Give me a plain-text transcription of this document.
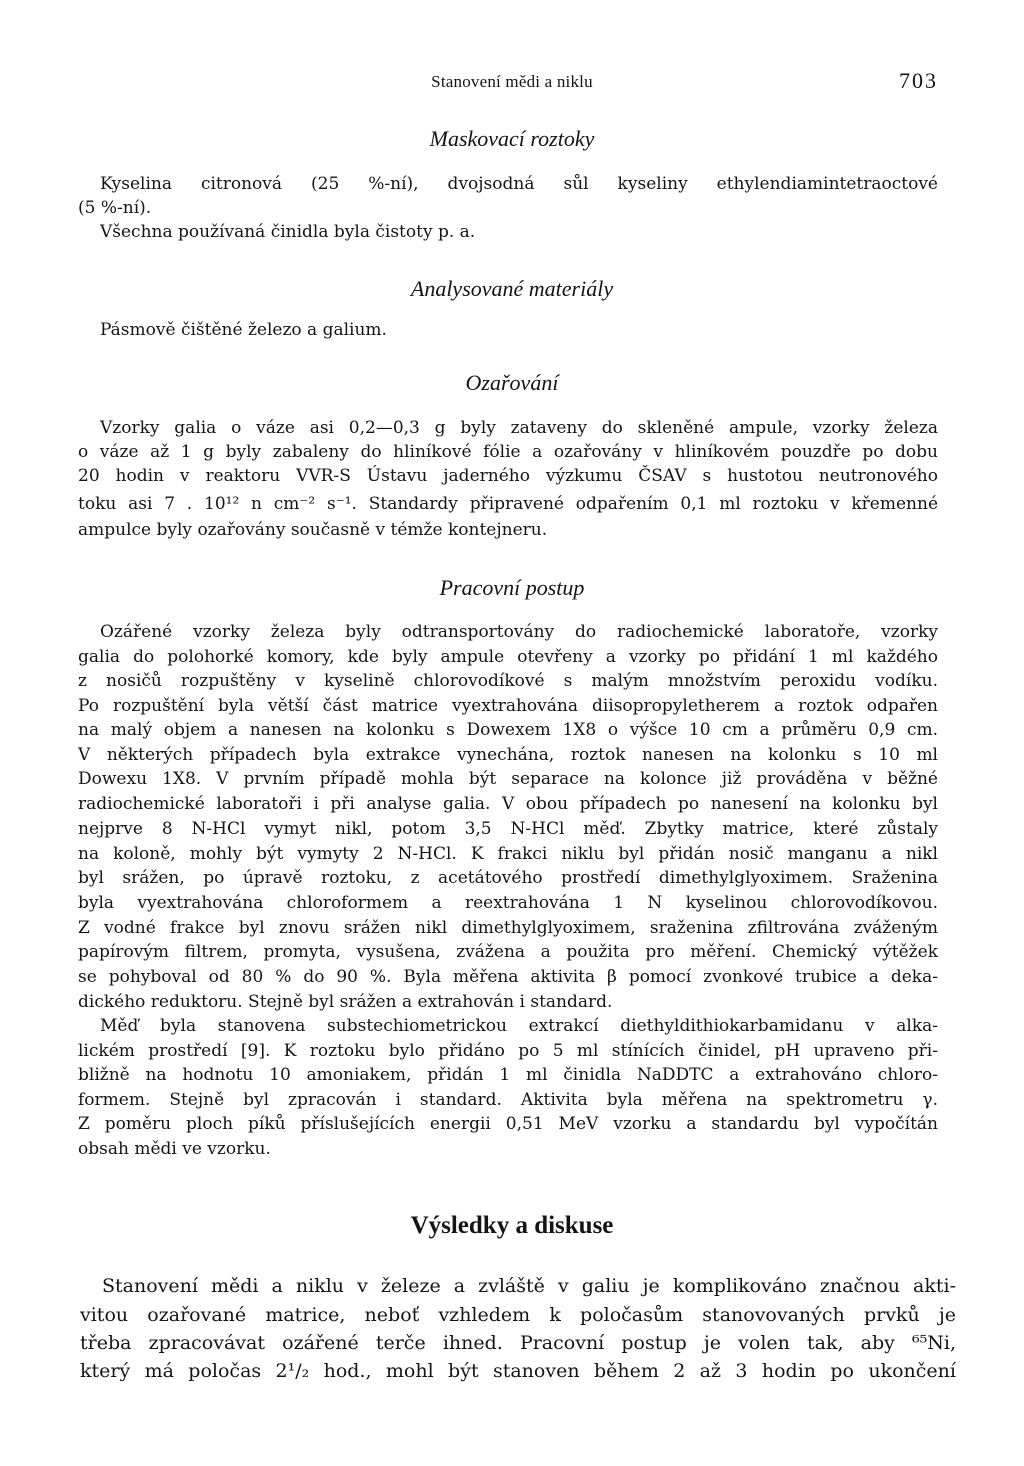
Stanovení mědi a niklu	703
Maskovací roztoky
Kyselina citronová (25 %-ní), dvojsodná sůl kyseliny ethylendiamintetraoctové
(5 %-ní).
Všechna používaná činidla byla čistoty p. a.
Analysované materiály
Pásmově čištěné železo a galium.
Ozařování
Vzorky galia o váze asi 0,2—0,3 g byly zataveny do skleněné ampule, vzorky železa
o váze až 1 g byly zabaleny do hliníkové fólie a ozařovány v hliníkovém pouzdře po dobu
20 hodin v reaktoru VVR-S Ústavu jaderného výzkumu ČSAV s hustotou neutronového
toku asi 7 . 10¹² n cm⁻² s⁻¹. Standardy připravené odpařením 0,1 ml roztoku v křemenné
ampulce byly ozařovány současně v témže kontejneru.
Pracovní postup
Ozářené vzorky železa byly odtransportovány do radiochemické laboratoře, vzorky
galia do polohorké komory, kde byly ampule otevřeny a vzorky po přidání 1 ml každého
z nosičů rozpuštěny v kyselině chlorovodíkové s malým množstvím peroxidu vodíku.
Po rozpuštění byla větší část matrice vyextrahována diisopropyletherem a roztok odpařen
na malý objem a nanesen na kolonku s Dowexem 1X8 o výšce 10 cm a průměru 0,9 cm.
V některých případech byla extrakce vynechána, roztok nanesen na kolonku s 10 ml
Dowexu 1X8. V prvním případě mohla být separace na kolonce již prováděna v běžné
radiochemické laboratoři i při analyse galia. V obou případech po nanesení na kolonku byl
nejprve 8 N-HCl vymyt nikl, potom 3,5 N-HCl měď. Zbytky matrice, které zůstaly
na koloně, mohly být vymyty 2 N-HCl. K frakci niklu byl přidán nosič manganu a nikl
byl srážen, po úpravě roztoku, z acetátového prostředí dimethylglyoximem. Sraženina
byla vyextrahována chloroformem a reextrahována 1 N kyselinou chlorovodíkovou.
Z vodné frakce byl znovu srážen nikl dimethylglyoximem, sraženina zfiltrována zváženým
papírovým filtrem, promyta, vysušena, zvážena a použita pro měření. Chemický výtěžek
se pohyboval od 80 % do 90 %. Byla měřena aktivita β pomocí zvonkové trubice a deka-
dického reduktoru. Stejně byl srážen a extrahován i standard.
Měď byla stanovena substechiometrickou extrakcí diethyldithiokarbamidanu v alka-
lickém prostředí [9]. K roztoku bylo přidáno po 5 ml stínících činidel, pH upraveno při-
bližně na hodnotu 10 amoniakem, přidán 1 ml činidla NaDDTC a extrahováno chloro-
formem. Stejně byl zpracován i standard. Aktivita byla měřena na spektrometru γ.
Z poměru ploch píků příslušejících energii 0,51 MeV vzorku a standardu byl vypočítán
obsah mědi ve vzorku.
Výsledky a diskuse
Stanovení mědi a niklu v železe a zvláště v galiu je komplikováno značnou akti-
vitou ozařované matrice, neboť vzhledem k poločasům stanovovaných prvků je
třeba zpracovávat ozářené terče ihned. Pracovní postup je volen tak, aby ⁶⁵Ni,
který má poločas 2¹/₂ hod., mohl být stanoven během 2 až 3 hodin po ukončení
